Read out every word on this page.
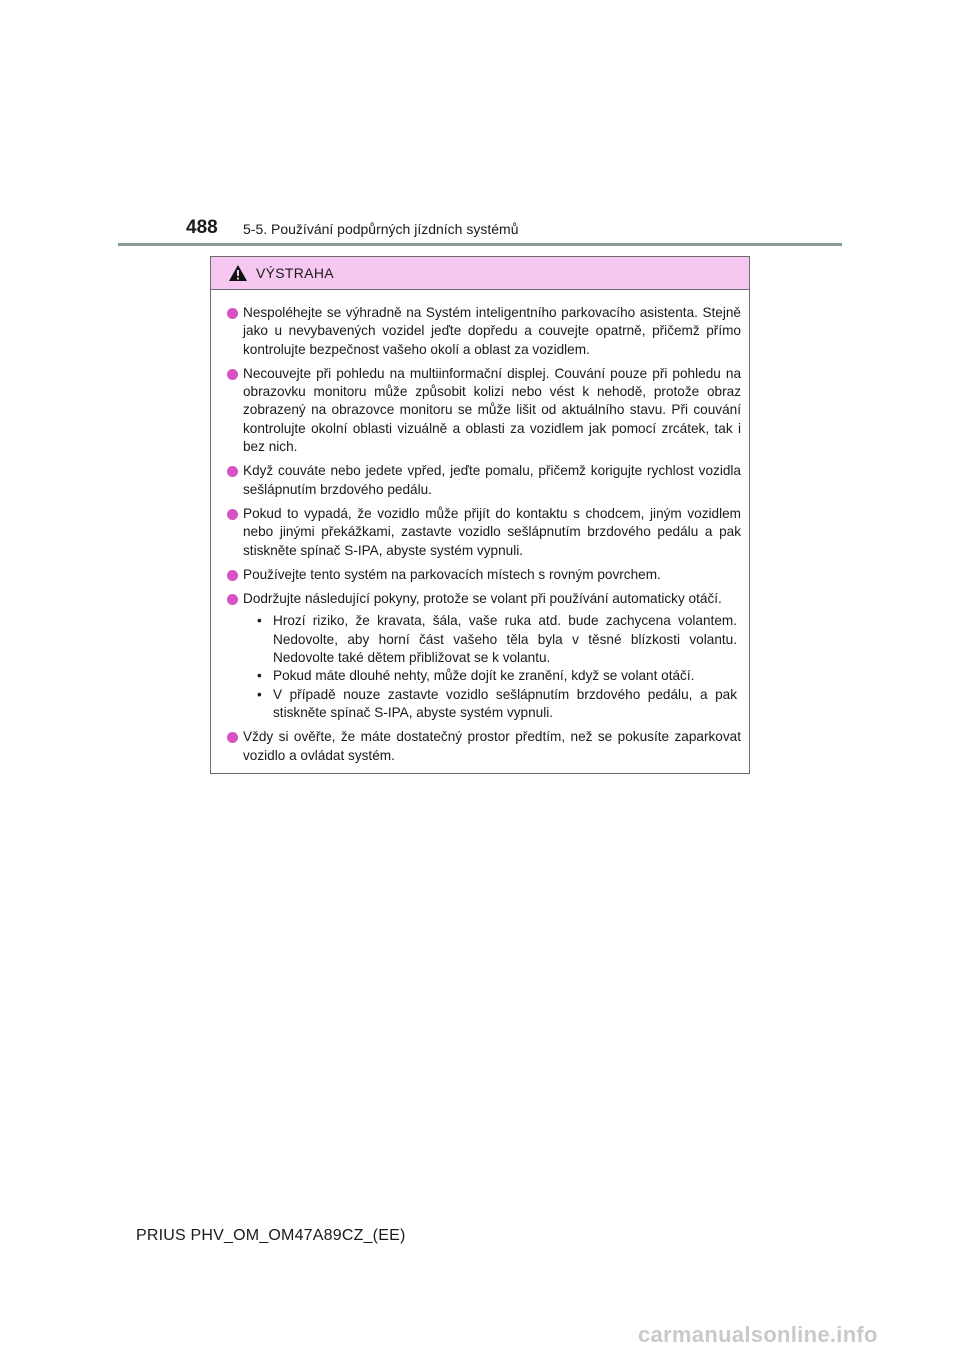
488 5-5. Používání podpůrných jízdních systémů
VÝSTRAHA
Nespoléhejte se výhradně na Systém inteligentního parkovacího asistenta. Stejně jako u nevybavených vozidel jeďte dopředu a couvejte opatrně, přičemž přímo kontrolujte bezpečnost vašeho okolí a oblast za vozidlem.
Necouvejte při pohledu na multiinformační displej. Couvání pouze při pohledu na obrazovku monitoru může způsobit kolizi nebo vést k nehodě, protože obraz zobrazený na obrazovce monitoru se může lišit od aktuálního stavu. Při couvání kontrolujte okolní oblasti vizuálně a oblasti za vozidlem jak pomocí zrcátek, tak i bez nich.
Když couváte nebo jedete vpřed, jeďte pomalu, přičemž korigujte rychlost vozidla sešlápnutím brzdového pedálu.
Pokud to vypadá, že vozidlo může přijít do kontaktu s chodcem, jiným vozidlem nebo jinými překážkami, zastavte vozidlo sešlápnutím brzdového pedálu a pak stiskněte spínač S-IPA, abyste systém vypnuli.
Používejte tento systém na parkovacích místech s rovným povrchem.
Dodržujte následující pokyny, protože se volant při používání automaticky otáčí.
• Hrozí riziko, že kravata, šála, vaše ruka atd. bude zachycena volantem. Nedovolte, aby horní část vašeho těla byla v těsné blízkosti volantu. Nedovolte také dětem přibližovat se k volantu.
• Pokud máte dlouhé nehty, může dojít ke zranění, když se volant otáčí.
• V případě nouze zastavte vozidlo sešlápnutím brzdového pedálu, a pak stiskněte spínač S-IPA, abyste systém vypnuli.
Vždy si ověřte, že máte dostatečný prostor předtím, než se pokusíte zaparkovat vozidlo a ovládat systém.
PRIUS PHV_OM_OM47A89CZ_(EE)
carmanualsonline.info
